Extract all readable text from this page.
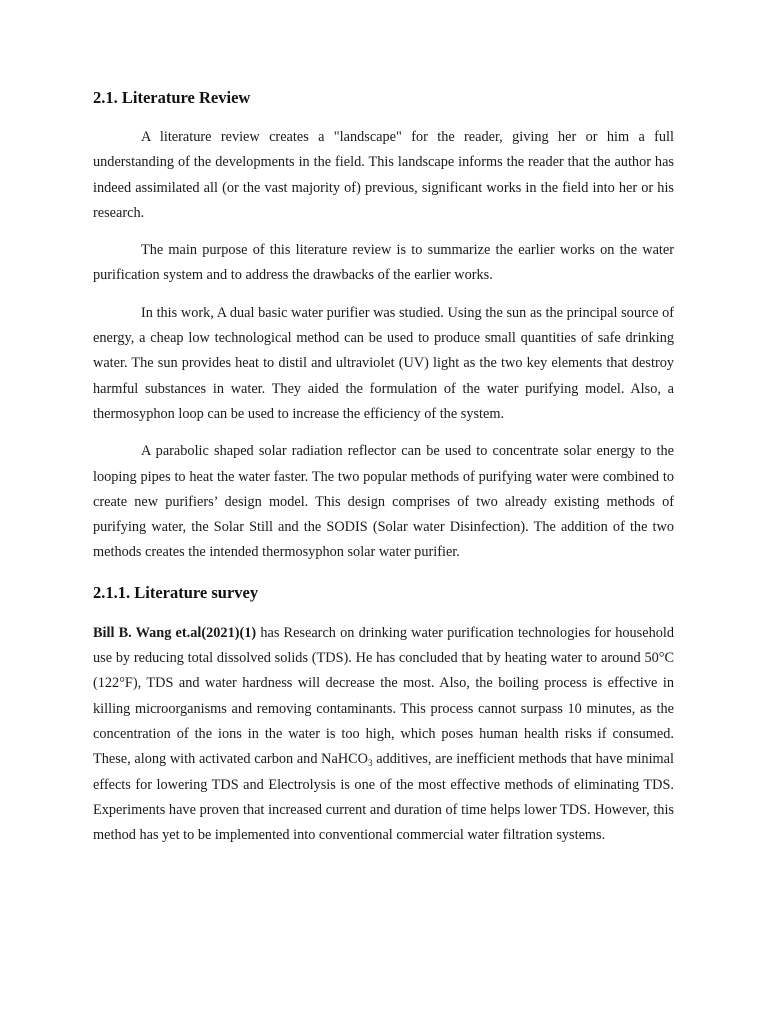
2.1. Literature Review

A literature review creates a "landscape" for the reader, giving her or him a full understanding of the developments in the field. This landscape informs the reader that the author has indeed assimilated all (or the vast majority of) previous, significant works in the field into her or his research.

The main purpose of this literature review is to summarize the earlier works on the water purification system and to address the drawbacks of the earlier works.

In this work, A dual basic water purifier was studied. Using the sun as the principal source of energy, a cheap low technological method can be used to produce small quantities of safe drinking water. The sun provides heat to distil and ultraviolet (UV) light as the two key elements that destroy harmful substances in water. They aided the formulation of the water purifying model. Also, a thermosyphon loop can be used to increase the efficiency of the system.

A parabolic shaped solar radiation reflector can be used to concentrate solar energy to the looping pipes to heat the water faster. The two popular methods of purifying water were combined to create new purifiers’ design model. This design comprises of two already existing methods of purifying water, the Solar Still and the SODIS (Solar water Disinfection). The addition of the two methods creates the intended thermosyphon solar water purifier.

2.1.1. Literature survey

Bill B. Wang et.al(2021)(1) has Research on drinking water purification technologies for household use by reducing total dissolved solids (TDS). He has concluded that by heating water to around 50°C (122°F), TDS and water hardness will decrease the most. Also, the boiling process is effective in killing microorganisms and removing contaminants. This process cannot surpass 10 minutes, as the concentration of the ions in the water is too high, which poses human health risks if consumed. These, along with activated carbon and NaHCO$_3$ additives, are inefficient methods that have minimal effects for lowering TDS and Electrolysis is one of the most effective methods of eliminating TDS. Experiments have proven that increased current and duration of time helps lower TDS. However, this method has yet to be implemented into conventional commercial water filtration systems.
